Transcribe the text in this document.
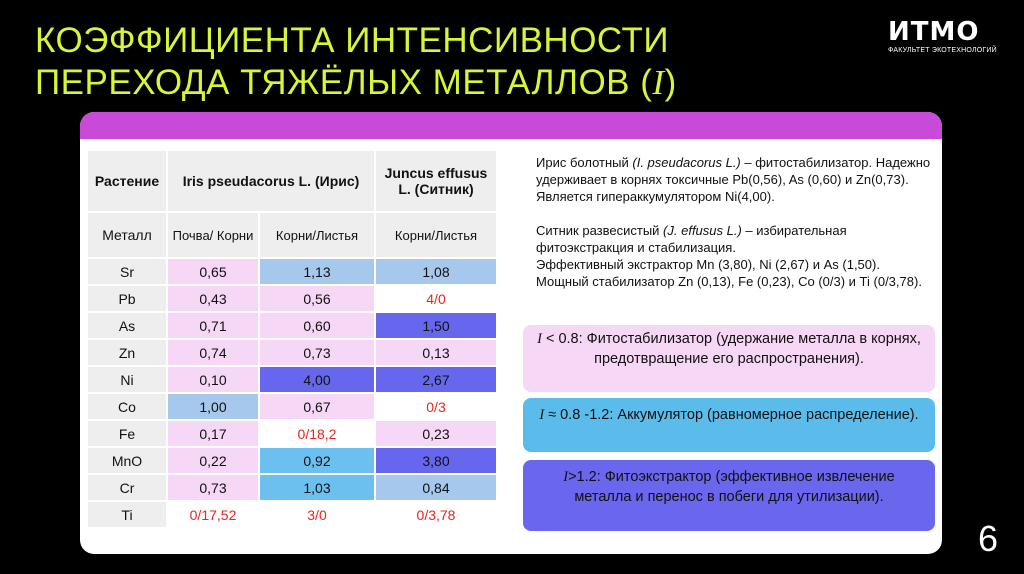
КОЭФФИЦИЕНТА ИНТЕНСИВНОСТИ
ПЕРЕХОДА ТЯЖЁЛЫХ МЕТАЛЛОВ (I)
ИТМО
ФАКУЛЬТЕТ ЭКОТЕХНОЛОГИЙ
Растение	Iris pseudacorus L. (Ирис)		Juncus effusus L. (Ситник)
Металл	Почва/ Корни	Корни/Листья	Корни/Листья
Sr	0,65	1,13	1,08
Pb	0,43	0,56	4/0
As	0,71	0,60	1,50
Zn	0,74	0,73	0,13
Ni	0,10	4,00	2,67
Co	1,00	0,67	0/3
Fe	0,17	0/18,2	0,23
MnO	0,22	0,92	3,80
Cr	0,73	1,03	0,84
Ti	0/17,52	3/0	0/3,78
Ирис болотный (I. pseudacorus L.) – фитостабилизатор. Надежно удерживает в корнях токсичные Pb(0,56), As (0,60) и Zn(0,73). Является гипераккумулятором Ni(4,00).
Ситник развесистый (J. effusus L.) – избирательная фитоэкстракция и стабилизация.
Эффективный экстрактор Mn (3,80), Ni (2,67) и As (1,50).
Мощный стабилизатор Zn (0,13), Fe (0,23), Co (0/3) и Ti (0/3,78).
I < 0.8: Фитостабилизатор (удержание металла в корнях, предотвращение его распространения).
I ≈ 0.8 -1.2: Аккумулятор (равномерное распределение).
I>1.2: Фитоэкстрактор (эффективное извлечение металла и перенос в побеги для утилизации).
6
